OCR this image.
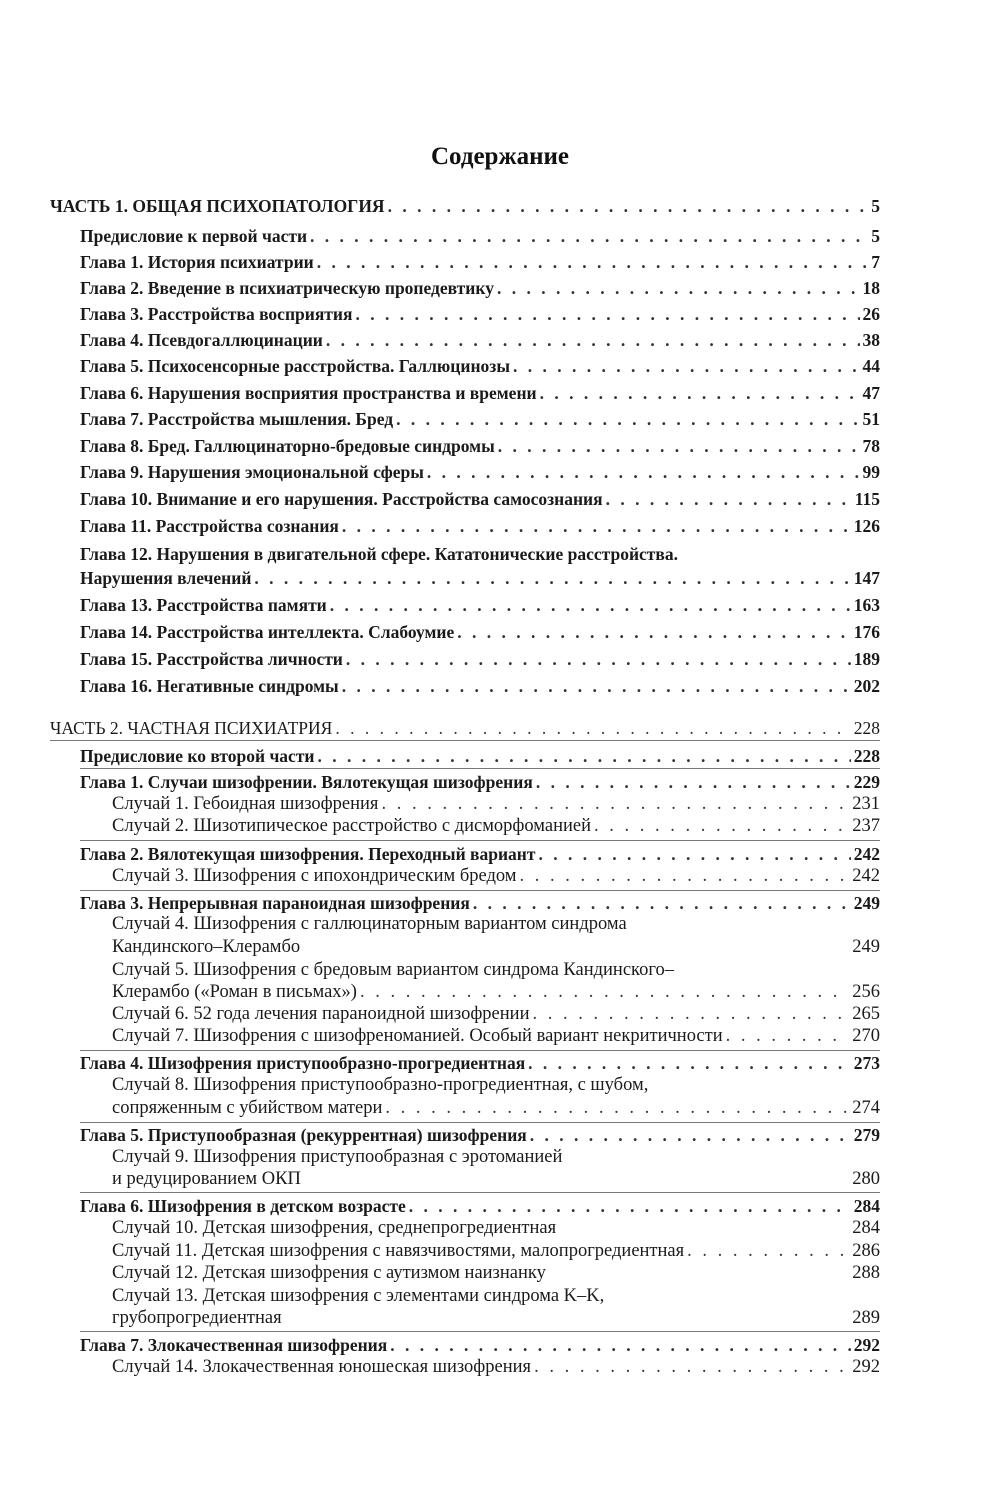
Содержание
ЧАСТЬ 1. ОБЩАЯ ПСИХОПАТОЛОГИЯ . . .	5
Предисловие к первой части . . .	5
Глава 1. История психиатрии . . .	7
Глава 2. Введение в психиатрическую пропедевтику . . .	18
Глава 3. Расстройства восприятия . . .	26
Глава 4. Псевдогаллюцинации . . .	38
Глава 5. Психосенсорные расстройства. Галлюцинозы . . .	44
Глава 6. Нарушения восприятия пространства и времени . . .	47
Глава 7. Расстройства мышления. Бред . . .	51
Глава 8. Бред. Галлюцинаторно-бредовые синдромы . . .	78
Глава 9. Нарушения эмоциональной сферы . . .	99
Глава 10. Внимание и его нарушения. Расстройства самосознания . . .	115
Глава 11. Расстройства сознания . . .	126
Глава 12. Нарушения в двигательной сфере. Кататонические расстройства.
Нарушения влечений . . .	147
Глава 13. Расстройства памяти . . .	163
Глава 14. Расстройства интеллекта. Слабоумие . . .	176
Глава 15. Расстройства личности . . .	189
Глава 16. Негативные синдромы . . .	202
ЧАСТЬ 2. ЧАСТНАЯ ПСИХИАТРИЯ . . .	228
Предисловие ко второй части . . .	228
Глава 1. Случаи шизофрении. Вялотекущая шизофрения . . .	229
Случай 1. Гебоидная шизофрения . . .	231
Случай 2. Шизотипическое расстройство с дисморфоманией . . .	237
Глава 2. Вялотекущая шизофрения. Переходный вариант . . .	242
Случай 3. Шизофрения с ипохондрическим бредом . . .	242
Глава 3. Непрерывная параноидная шизофрения . . .	249
Случай 4. Шизофрения с галлюцинаторным вариантом синдрома
Кандинского–Клерамбо	249
Случай 5. Шизофрения с бредовым вариантом синдрома Кандинского–
Клерамбо («Роман в письмах») . . .	256
Случай 6. 52 года лечения параноидной шизофрении . . .	265
Случай 7. Шизофрения с шизофреноманией. Особый вариант некритичности . . .	270
Глава 4. Шизофрения приступообразно-прогредиентная . . .	273
Случай 8. Шизофрения приступообразно-прогредиентная, с шубом,
сопряженным с убийством матери . . .	274
Глава 5. Приступообразная (рекуррентная) шизофрения . . .	279
Случай 9. Шизофрения приступообразная с эротоманией
и редуцированием ОКП	280
Глава 6. Шизофрения в детском возрасте . . .	284
Случай 10. Детская шизофрения, среднепрогредиентная	284
Случай 11. Детская шизофрения с навязчивостями, малопрогредиентная . . .	286
Случай 12. Детская шизофрения с аутизмом наизнанку	288
Случай 13. Детская шизофрения с элементами синдрома K–K,
грубопрогредиентная	289
Глава 7. Злокачественная шизофрения . . .	292
Случай 14. Злокачественная юношеская шизофрения . . .	292
